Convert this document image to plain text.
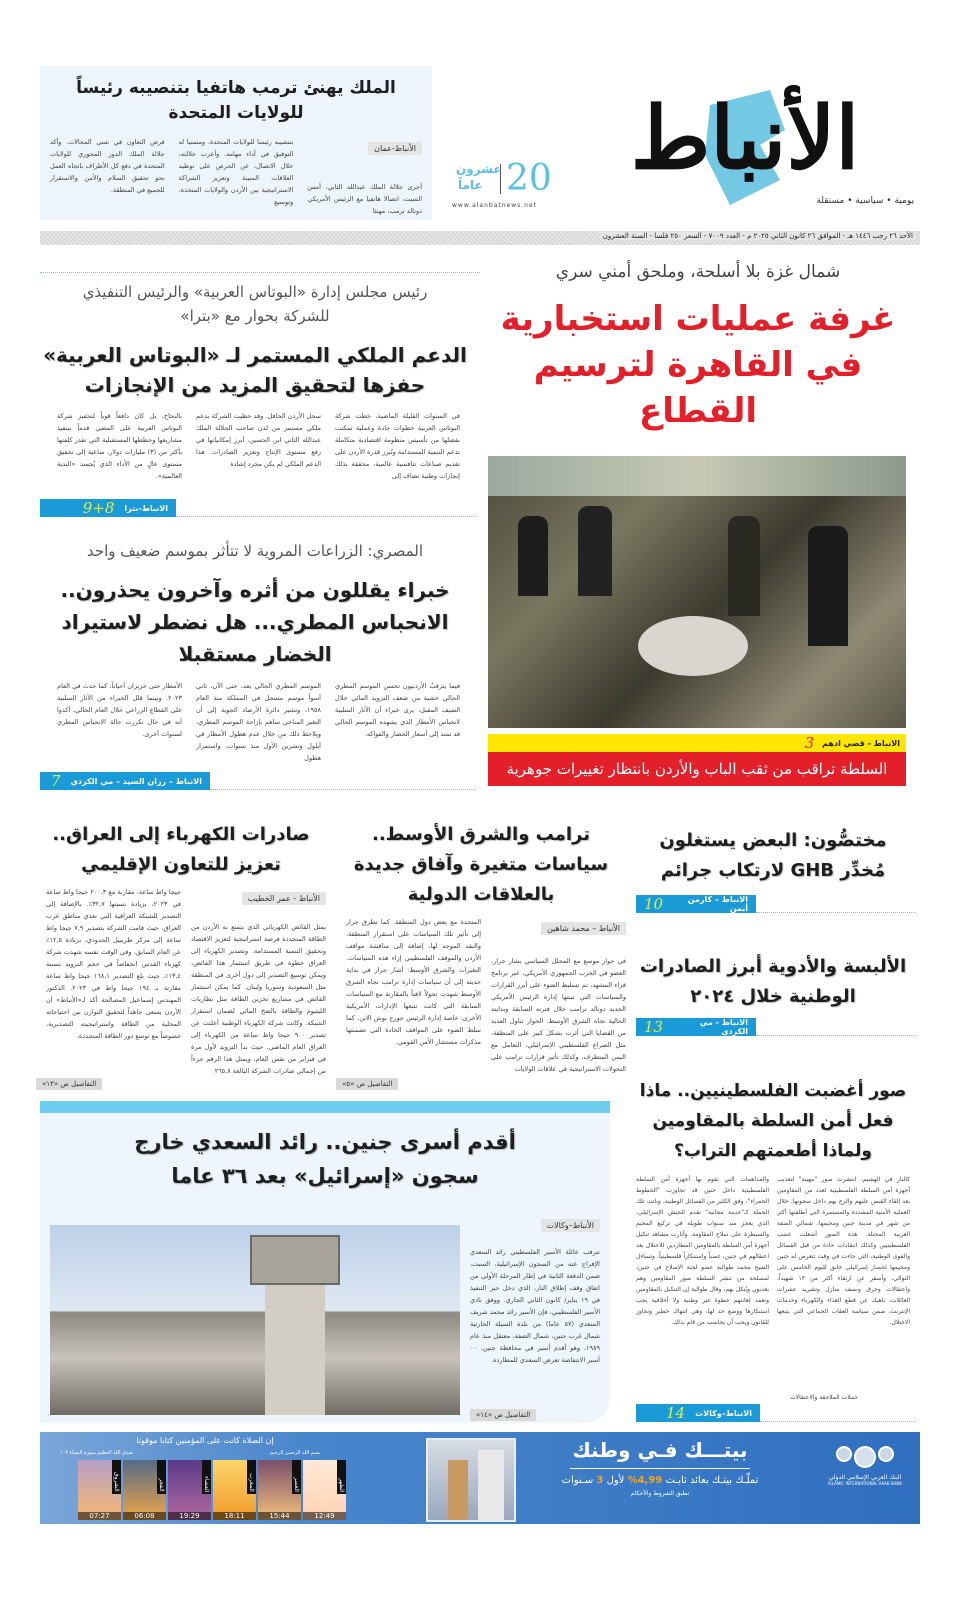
الملك يهنئ ترمب هاتفيا بتنصيبه رئيساً للولايات المتحدة
الأنباط-عمان
أجرى جلالة الملك عبدالله الثاني، أمس السبت، اتصالا هاتفيا مع الرئيس الأمريكي دونالد ترمب، مهنئا
بتنصيبه رئيسا للولايات المتحدة، ومتمنيا له التوفيق في أداء مهامه. وأعرب جلالته، خلال الاتصال، عن الحرص على توطيد العلاقات المتينة وتعزيز الشراكة الاستراتيجية بين الأردن والولايات المتحدة، وتوسيع
فرص التعاون في شتى المجالات. وأكد جلالة الملك الدور المحوري للولايات المتحدة في دفع كل الأطراف باتجاه العمل نحو تحقيق السلام والأمن والاستقرار للجميع في المنطقة.	20
عشرون
عاماً
www.alanbatnews.net
الأنباط
يومية • سياسية • مستقلة
الأحد ٢٦ رجب ١٤٤٦ هـ - الموافق ٢٦ كانون الثاني ٢٠٢٥ م - العدد ٧٠٠٩ - السعر ٢٥٠ فلسا - السنة العشرون
شمال غزة بلا أسلحة، وملحق أمني سري
غرفة عمليات استخبارية
في القاهرة لترسيم القطاع
الانباط - قصي ادهم
3
السلطة تراقب من ثقب الباب والأردن بانتظار تغييرات جوهرية
رئيس مجلس إدارة «البوتاس العربية» والرئيس التنفيذي للشركة بحوار مع «بترا»
الدعم الملكي المستمر لـ «البوتاس العربية» حفزها لتحقيق المزيد من الإنجازات
في السنوات القليلة الماضية، خطت شركة البوتاس العربية خطوات جادة وعملية تمكنت بفضلها من تأسيس منظومة اقتصادية متكاملة تدعم التنمية المستدامة وتُبرز قدرة الأردن على تقديم صناعات تنافسية عالمية، محققة بذلك إنجازات وطنية تضاف إلى
سجل الأردن الحافل. وقد حظيت الشركة بدعم ملكي مستمر من لدن صاحب الجلالة الملك عبدالله الثاني ابن الحسين، أبرز إمكانياتها في رفع مستوى الإنتاج وتعزيز الصادرات. هذا الدعم الملكي لم يكن مجرد إشادة
بالنجاح، بل كان دافعاً قوياً لتحفيز شركة البوتاس العربية على المضي قدماً بتنفيذ مشاريعها وخططها المستقبلية التي تقدر كلفتها بأكثر من (٣) مليارات دولار، ساعية إلى تحقيق مستوى عالٍ من الأداء الذي يُجسد «الندية العالمية».
الانباط-بترا
9+8
المصري: الزراعات المروية لا تتأثر بموسم ضعيف واحد
خبراء يقللون من أثره وآخرون يحذرون.. الانحباس المطري... هل نضطر لاستيراد الخضار مستقبلا
فيما يترقبُ الأردنيون تحسن الموسم المطري الحالي خشية من ضعف التزويد المائي خلال الصيف المقبل، يرى خبراء أن الآثار السلبية لانحباس الأمطار الذي يشهده الموسم الحالي قد تمتد إلى أسعار الخضار والفواكه.
الموسم المطري الحالي يعد، حتى الآن، ثاني أسوأ موسم مسجل في المملكة منذ العام ١٩٥٨، وتشير دائرة الأرصاد الجوية إلى أن التغير المناخي ساهم بإزاحة الموسم المطري، ويلاحظ ذلك من خلال عدم هطول الأمطار في أيلول وتشرين الأول منذ سنوات، واستمرار هطول
الأمطار حتى حزيران أحياناً، كما حدث في العام ٢٠٢٣. وبينما قلل الخبراء من الآثار السلبية على القطاع الزراعي خلال العام الحالي، أكدوا أنه في حال تكررت حالة الانحباس المطري لسنوات أخرى.
الانباط – رزان السيد – مي الكردي
7
مختصُّون: البعض يستغلون مُخدِّر GHB لارتكاب جرائم
الانباط – كارمن أيمن
10
الألبسة والأدوية أبرز الصادرات الوطنية خلال ٢٠٢٤
الانباط - مي الكردي
13
ترامب والشرق الأوسط.. سياسات متغيرة وآفاق جديدة بالعلاقات الدولية
الأنباط – محمد شاهين
في حوار موسع مع المحلل السياسي بشار جرار، العضو في الحزب الجمهوري الأمريكي، عبر برنامج قراء المشهد، تم تسليط الضوء على أبرز القرارات والسياسات التي تبنتها إدارة الرئيس الأمريكي الجديد دونالد ترامب خلال فترته السابقة وبدايته الحالية تجاه الشرق الأوسط. الحوار تناول العديد من القضايا التي أثرت بشكل كبير على المنطقة، مثل الصراع الفلسطيني الإسرائيلي، التعامل مع اليمن المتطرف، وكذلك تأثير قرارات ترامب على التحولات الاستراتيجية في علاقات الولايات
المتحدة مع بعض دول المنطقة. كما تطرق جرار إلى تأثير تلك السياسات على استقرار المنطقة، والنقد الموجه لها، إضافة إلى مناقشة مواقف الأردن والموقف الفلسطيني إزاء هذه السياسات. التغيرات والشرق الأوسط: أشار جرار في بداية حديثه إلى أن سياسات إدارة ترامب تجاه الشرق الأوسط شهدت تحولاً لافتاً بالمقارنة مع السياسات السابقة التي كانت تتبعها الإدارات الأمريكية الأخرى، خاصة إدارة الرئيس جورج بوش الابن. كما سلط الضوء على المواقف الحادة التي تضمنتها مذكرات مستشار الأمن القومي.
التفاصيل ص «٥»
صادرات الكهرباء إلى العراق.. تعزيز للتعاون الإقليمي
الأنباط - عمر الخطيب
يمثل الفائض الكهربائي الذي يتمتع به الأردن من الطاقة المتجددة فرصة استراتيجية لتعزيز الاقتصاد وتحقيق التنمية المستدامة. وتصدير الكهرباء إلى العراق خطوة في طريق استثمار هذا الفائض، ويمكن توسيع التصدير إلى دول أخرى في المنطقة مثل السعودية وسوريا ولبنان. كما يمكن استثمار الفائض في مشاريع تخزين الطاقة مثل بطاريات الليثيوم والطاقة بالضخ المائي لضمان استقرار الشبكة. وكانت شركة الكهرباء الوطنية أعلنت عن تصدير ٩٠٠ جيجا واط ساعة من الكهرباء إلى العراق العام الماضي، حيث بدأ التزويد لأول مرة في فبراير من نفس العام، ويمثل هذا الرقم جزءاً من إجمالي صادرات الشركة البالغة ٢٦٥,٨
جيجا واط ساعة، مقارنة مع ٢٠٠,٣ جيجا واط ساعة في ٢٠٢٣، بزيادة نسبتها ٣٢,٧٪. بالإضافة إلى التصدير للشبكة العراقية التي تغذي مناطق غرب العراق، حيث قامت الشركة بتصدير ٧,٩ جيجا واط ساعة إلى مركز طريبيل الحدودي، بزيادة ١٢,٥٪ عن العام السابق، وفي الوقت نفسه شهدت شركة كهرباء القدس انخفاضاً في حجم التزويد بنسبة ١٣,٤٪، حيث بلغ التصدير ١٦٨,١ جيجا واط ساعة مقارنة بـ ١٩٤ جيجا واط في ٢٠٢٣. الدكتور المهندس إسماعيل المصالحة أكد لـ«الأنباط» أن الأردن يسعى جاهداً لتحقيق التوازن بين احتياجاته المحلية من الطاقة واستراتيجيته التصديرية، خصوصاً مع توسع دور الطاقة المتجددة.
التفاصيل ص «١٣»	صور أغضبت الفلسطينيين.. ماذا فعل أمن السلطة بالمقاومين ولماذا أطعمتهم التراب؟
كالنار في الهشيم، انتشرت صور "مهينة" لتعذيب أجهزة أمن السلطة الفلسطينية لعدد من المقاومين بعد إلقاء القبض عليهم والزج بهم داخل سجونها، خلال العملية الأمنية المشددة والمستمرة التي أطلقتها أكثر من شهر في مدينة جنين ومخيمها، شمالي الضفة الغربية المحتلة. هذه الصور أشعلت غضب الفلسطينيين وكذلك انتقادات حادة من قبل الفصائل والقوى الوطنية، التي جاءت في وقت تتعرض له جنين ومخيمها لحصار إسرائيلي خانق لليوم الخامس على التوالي، وأسفر عن ارتقاء أكثر من ١٣ شهيداً، واعتقالات وحرق ونسف منازل وتشريد عشرات العائلات، ناهيك عن قطع الغذاء والكهرباء وخدمات الإنترنت، ضمن سياسة العقاب الجماعي التي يتبعها الاحتلال.
والمداهمات التي تقوم بها أجهزة أمن السلطة الفلسطينية داخل جنين قد تجاوزت "الخطوط الحمراء"، وفق الكثير من الفصائل الوطنية، وباتت تلك الحملة كـ"خدمة مجانية" تقدم للجيش الإسرائيلي، الذي يعجز منذ سنوات طويلة في تركيع المخيم والسيطرة على سلاح المقاومة. وأثارت مشاهد تنكيل أجهزة أمن السلطة بالمقاومين المطاردين للاحتلال بعد اعتقالهم في جنين، غضباً واستنكاراً فلسطينياً. وتساءل الشيخ محمد طوالبة عضو لجنة الإصلاح في جنين، لمصلحة من تنشر السلطة صور المقاومين وهم يعذبون ويُنكل بهم، وقال طوالبة إن التنكيل بالمقاومين وتعمد إهانتهم خطوة غير وطنية ولا أخلاقية يجب استنكارها ووضع حد لها، وهي انتهاك خطير وتجاوز للقانون ويجب أن يحاسب من قام بذلك.
حملات الملاحقة والاعتقالات
الانباط–وكالات
14
أقدم أسرى جنين.. رائد السعدي خارج سجون «إسرائيل» بعد ٣٦ عاما
الأنباط–وكالات
تترقب عائلة الأسير الفلسطيني رائد السعدي الإفراج عنه من السجون الإسرائيلية، السبت، ضمن الدفعة الثانية في إطار المرحلة الأولى من اتفاق وقف إطلاق النار، الذي دخل حيز التنفيذ في ١٩ يناير/ كانون الثاني الجاري. ووفق نادي الأسير الفلسطيني، فإن الأسير رائد محمد شريف السعدي (٥٧ عاما) من بلدة السيلة الحارثية شمال غرب جنين، شمال الضفة، معتقل منذ عام ١٩٨٩، وهو أقدم أسير في محافظة جنين. ٠٠ أسير الانتفاضة تعرض السعدي للمطاردة.
التفاصيل ص «١٤»
إن الصلاة كانت على المؤمنين كتابا موقوتا
بسم الله الرحمن الرحيم
صدق الله العظيم سورة النساء ١٠٣
الظهر
12:49
العصر
15:44
المغرب
18:11
العشاء
19:29
الفجر
06:08
الشروق
07:27
بيتـــك فـي وطنك
تملّـك بيتـك بعائد ثابـت 4,99% لأول 3 سـنوات
تطبق الشروط والأحكام
البنك العربي الإسلامي الدولي
ISLAMIC INTERNATIONAL ARAB BANK
